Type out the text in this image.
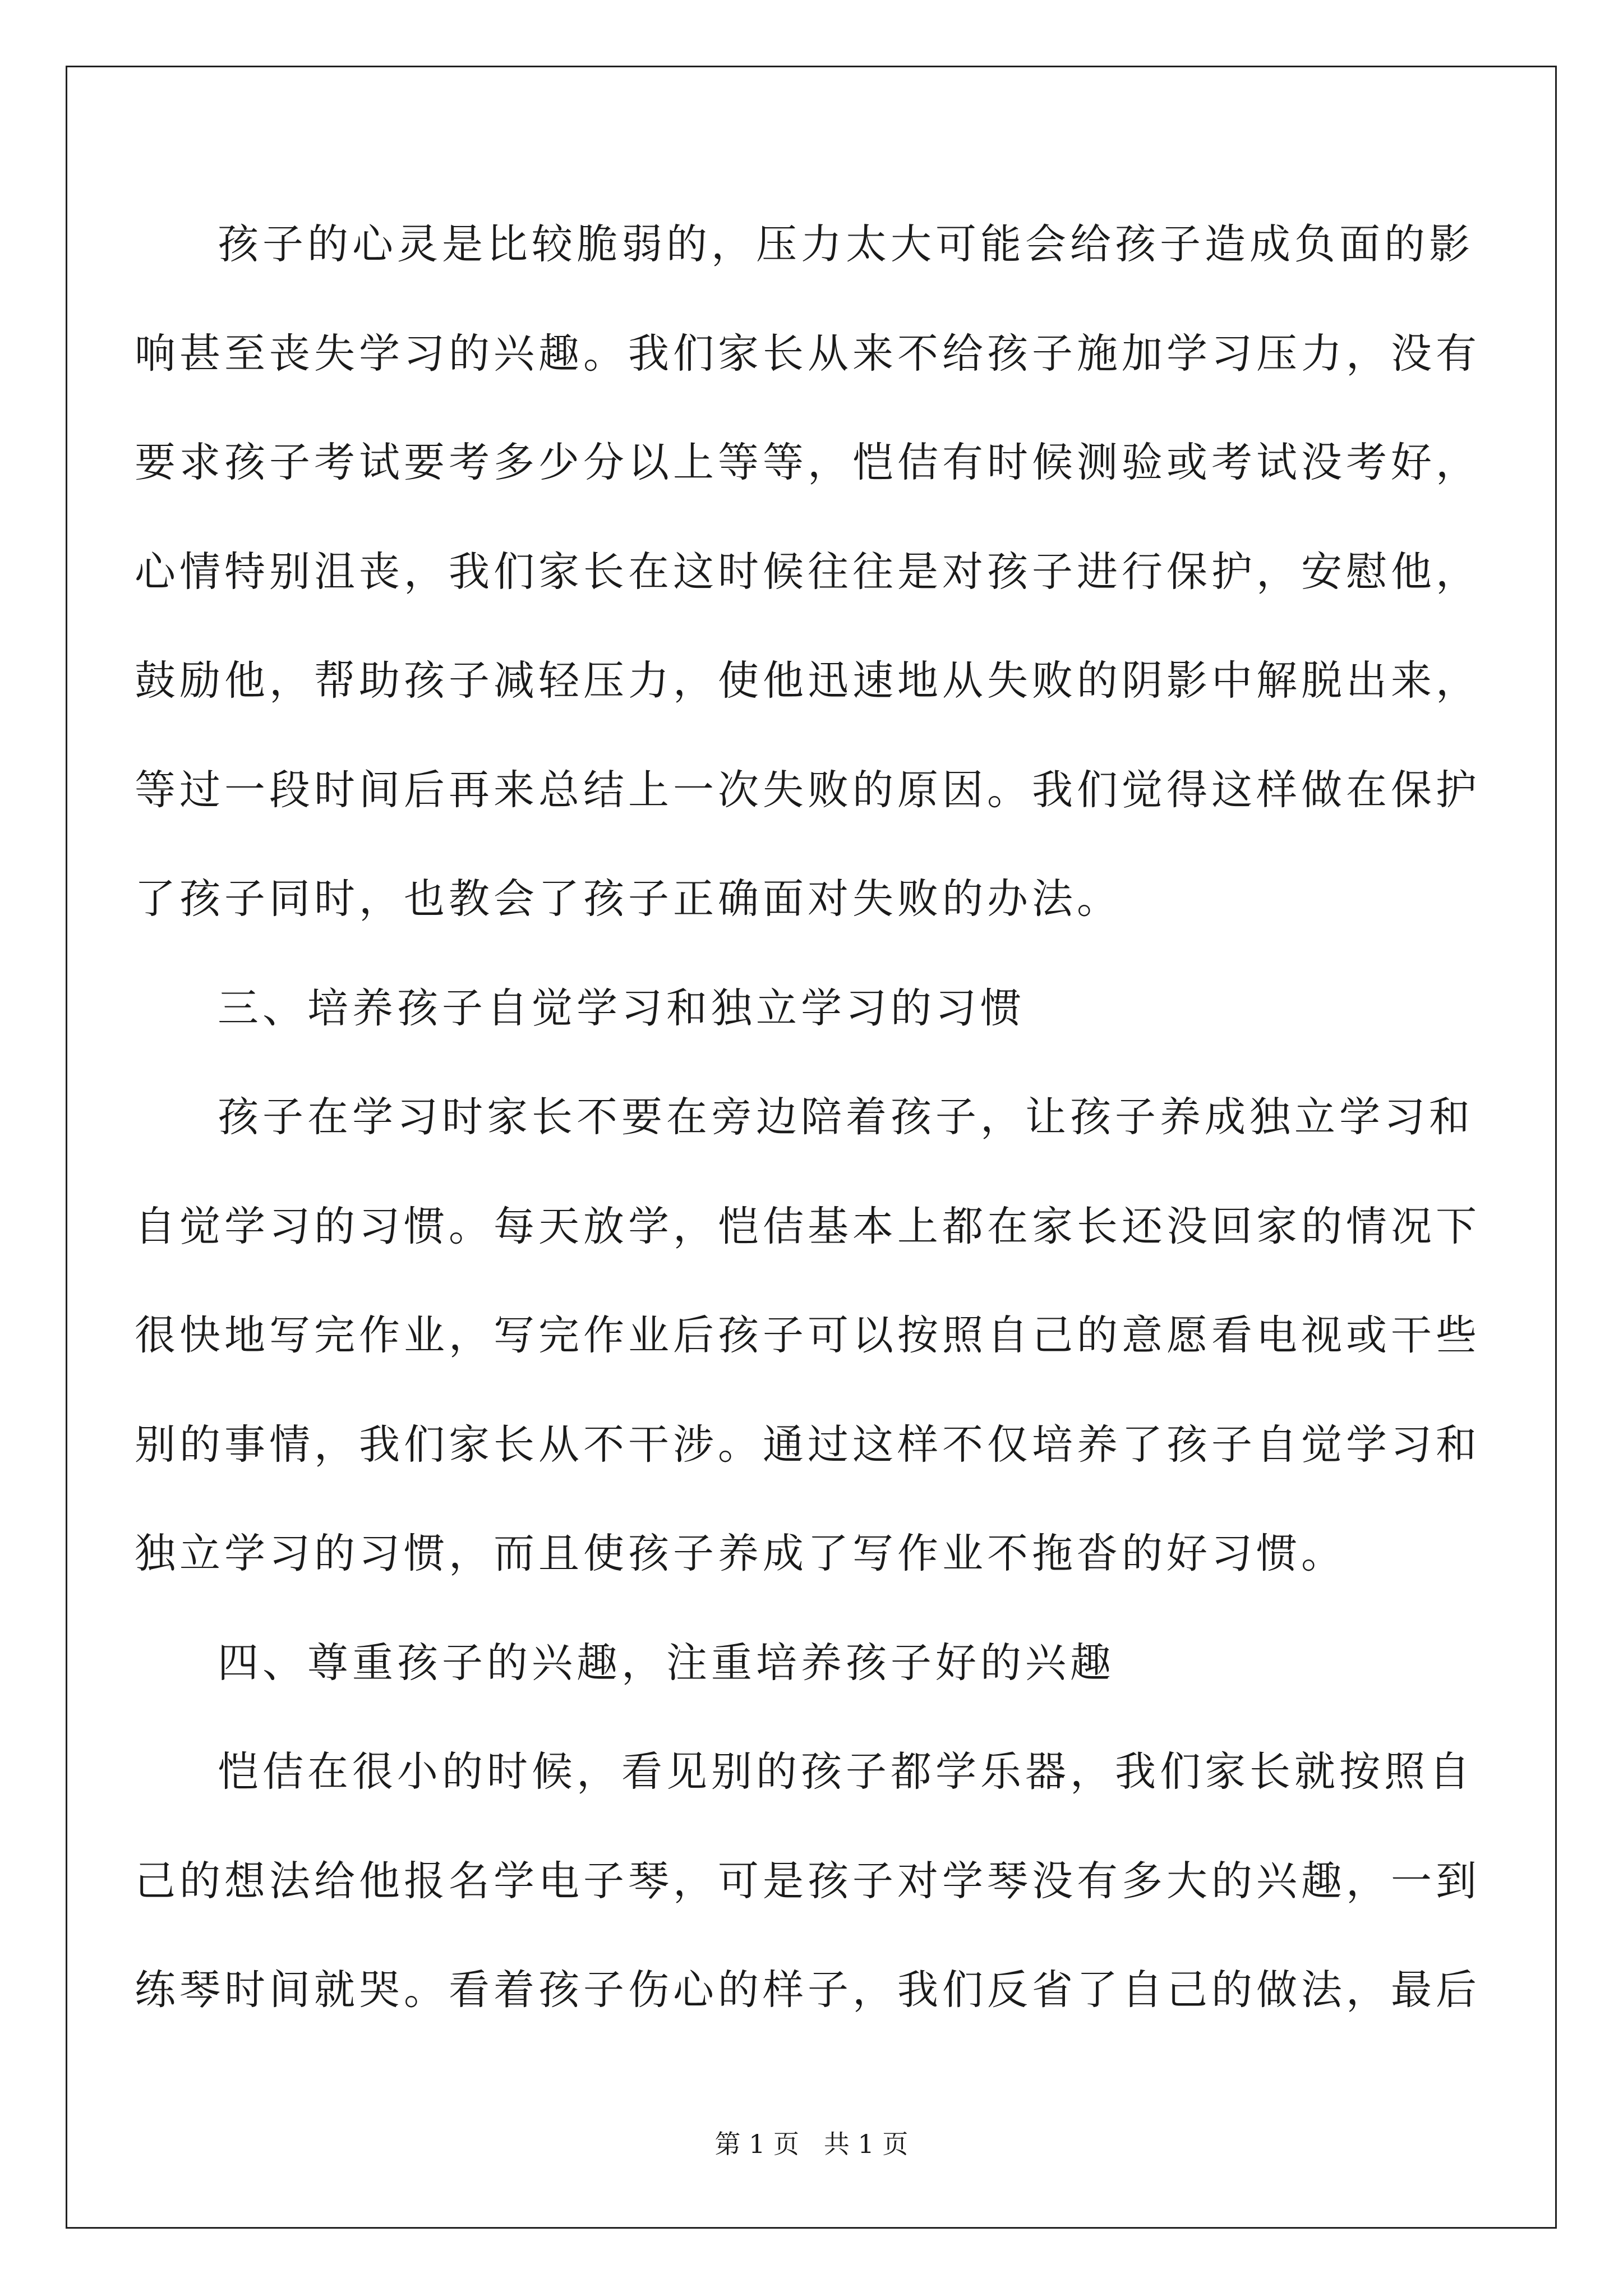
孩子的心灵是比较脆弱的，压力太大可能会给孩子造成负面的影
响甚至丧失学习的兴趣。我们家长从来不给孩子施加学习压力，没有
要求孩子考试要考多少分以上等等，恺佶有时候测验或考试没考好，
心情特别沮丧，我们家长在这时候往往是对孩子进行保护，安慰他，
鼓励他，帮助孩子减轻压力，使他迅速地从失败的阴影中解脱出来，
等过一段时间后再来总结上一次失败的原因。我们觉得这样做在保护
了孩子同时，也教会了孩子正确面对失败的办法。
三、培养孩子自觉学习和独立学习的习惯
孩子在学习时家长不要在旁边陪着孩子，让孩子养成独立学习和
自觉学习的习惯。每天放学，恺佶基本上都在家长还没回家的情况下
很快地写完作业，写完作业后孩子可以按照自己的意愿看电视或干些
别的事情，我们家长从不干涉。通过这样不仅培养了孩子自觉学习和
独立学习的习惯，而且使孩子养成了写作业不拖沓的好习惯。
四、尊重孩子的兴趣，注重培养孩子好的兴趣
恺佶在很小的时候，看见别的孩子都学乐器，我们家长就按照自
己的想法给他报名学电子琴，可是孩子对学琴没有多大的兴趣，一到
练琴时间就哭。看着孩子伤心的样子，我们反省了自己的做法，最后
第 1 页   共 1 页
